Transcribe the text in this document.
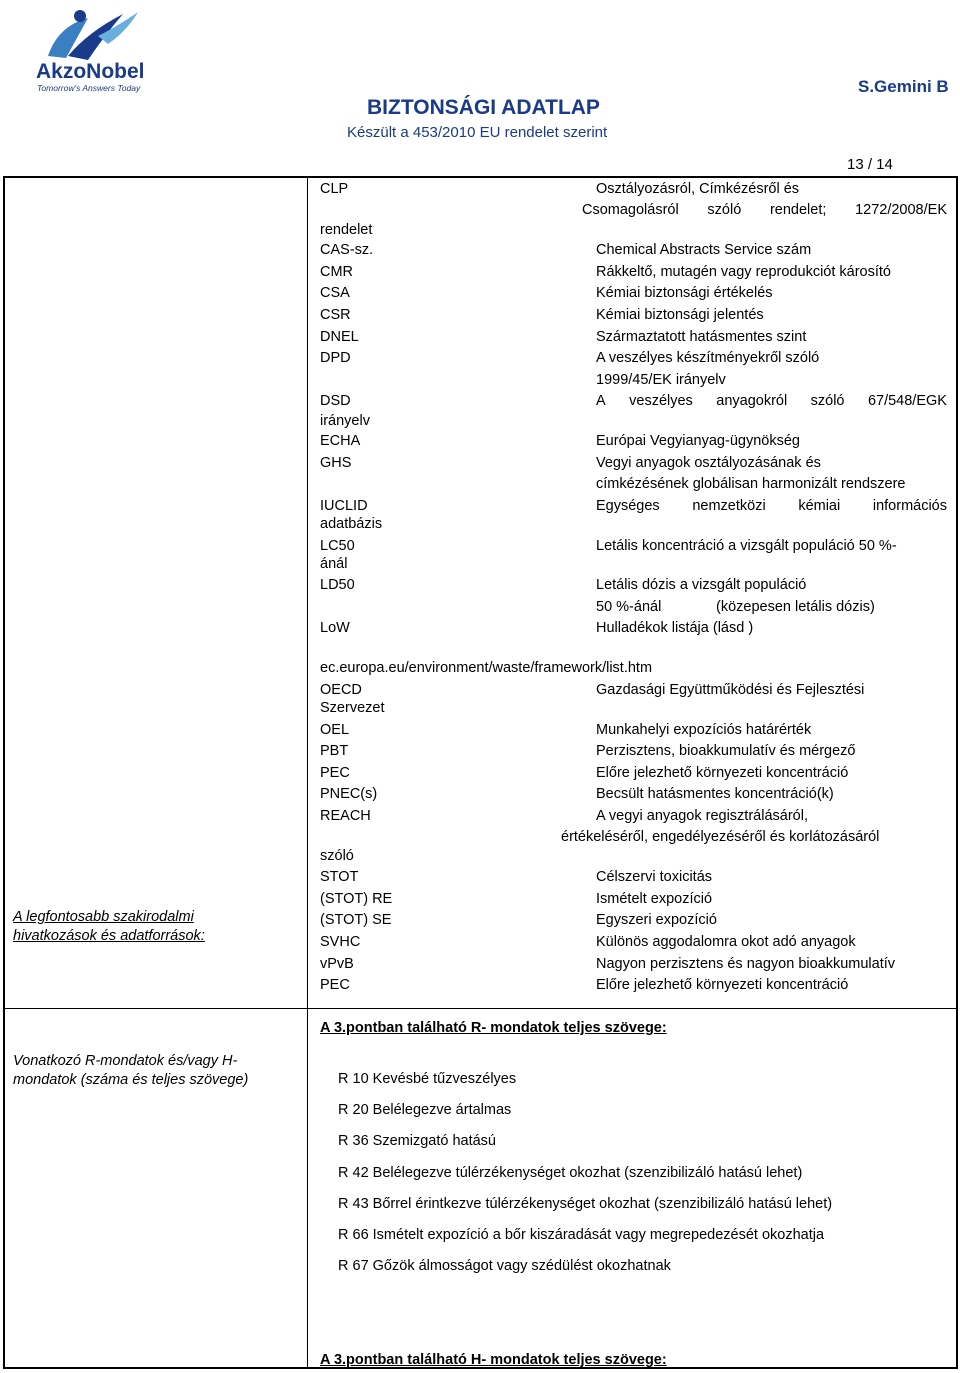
AkzoNobel
Tomorrow's Answers Today
BIZTONSÁGI ADATLAP
Készült a 453/2010 EU rendelet szerint
S.Gemini B
13 / 14
A legfontosabb szakirodalmi hivatkozások és adatforrások:
Vonatkozó R-mondatok és/vagy H-mondatok (száma és teljes szövege)
CLP
rendelet
CAS-sz.
CMR
CSA
CSR
DNEL
DPD
DSD
irányelv
ECHA
GHS
IUCLID
adatbázis
LC50
ánál
LD50
LoW
ec.europa.eu/environment/waste/framework/list.htm
OECD
Szervezet
OEL
PBT
PEC
PNEC(s)
REACH
szóló
STOT
(STOT) RE
(STOT) SE
SVHC
vPvB
PEC
Osztályozásról, Címkézésről és
Csomagolásról szóló rendelet; 1272/2008/EK
Chemical Abstracts Service szám
Rákkeltő, mutagén vagy reprodukciót károsító
Kémiai biztonsági értékelés
Kémiai biztonsági jelentés
Származtatott hatásmentes szint
A veszélyes készítményekről szóló
1999/45/EK irányelv
A veszélyes anyagokról szóló 67/548/EGK
Európai Vegyianyag-ügynökség
Vegyi anyagok osztályozásának és
címkézésének globálisan harmonizált rendszere
Egységes nemzetközi kémiai információs
Letális koncentráció a vizsgált populáció 50 %-
Letális dózis a vizsgált populáció
50 %-ánál	(közepesen letális dózis)
Hulladékok listája (lásd )
Gazdasági Együttműködési és Fejlesztési
Munkahelyi expozíciós határérték
Perzisztens, bioakkumulatív és mérgező
Előre jelezhető környezeti koncentráció
Becsült hatásmentes koncentráció(k)
A vegyi anyagok regisztrálásáról,
értékeléséről, engedélyezéséről és korlátozásáról
Célszervi toxicitás
Ismételt expozíció
Egyszeri expozíció
Különös aggodalomra okot adó anyagok
Nagyon perzisztens és nagyon bioakkumulatív
Előre jelezhető környezeti koncentráció
A 3.pontban található R- mondatok teljes szövege:
R 10 Kevésbé tűzveszélyes
R 20 Belélegezve ártalmas
R 36 Szemizgató hatású
R 42 Belélegezve túlérzékenységet okozhat (szenzibilizáló hatású lehet)
R 43 Bőrrel érintkezve túlérzékenységet okozhat (szenzibilizáló hatású lehet)
R 66 Ismételt expozíció a bőr kiszáradását vagy megrepedezését okozhatja
R 67 Gőzök álmosságot vagy szédülést okozhatnak
A 3.pontban található H- mondatok teljes szövege:
